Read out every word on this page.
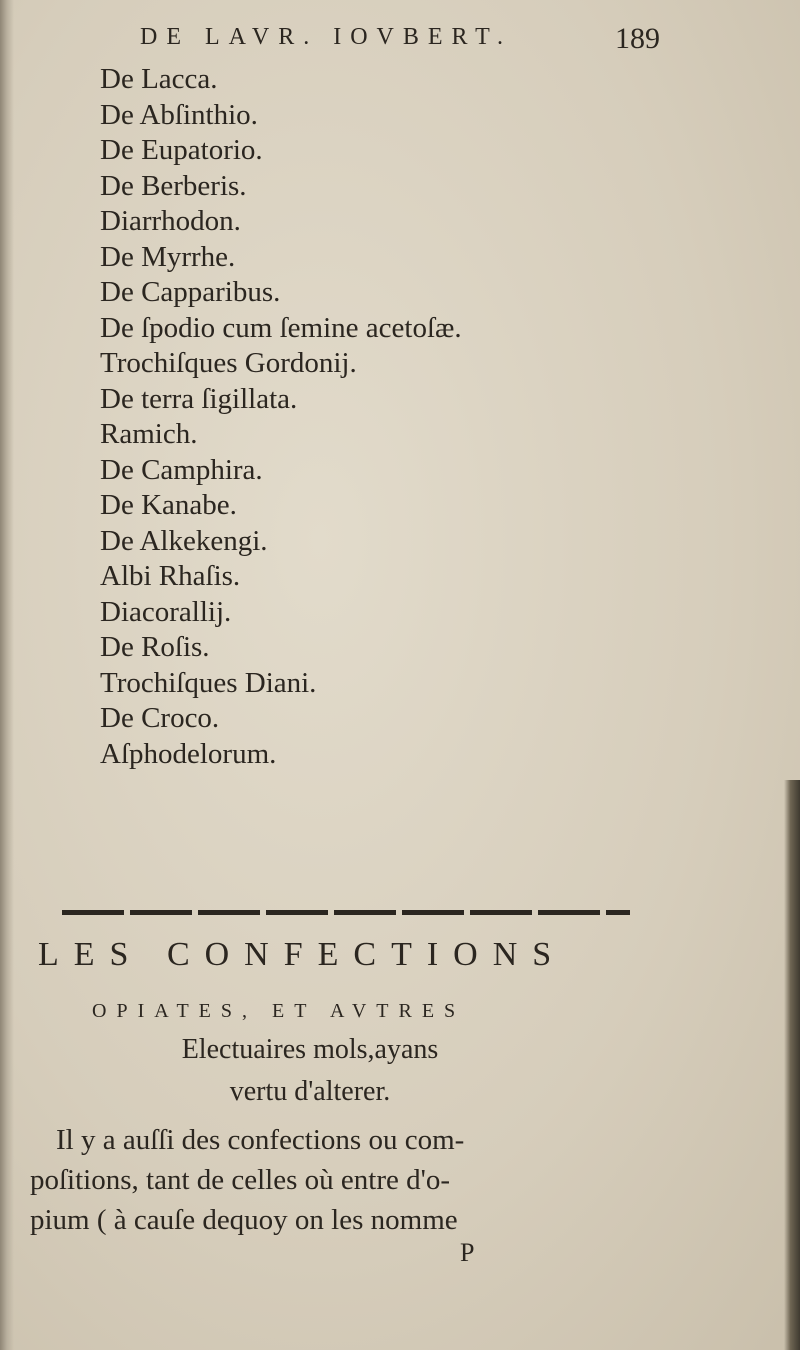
DE LAVR. IOVBERT.	189
De Lacca.
De Abſinthio.
De Eupatorio.
De Berberis.
Diarrhodon.
De Myrrhe.
De Capparibus.
De ſpodio cum ſemine acetoſæ.
Trochiſques Gordonij.
De terra ſigillata.
Ramich.
De Camphira.
De Kanabe.
De Alkekengi.
Albi Rhaſis.
Diacorallij.
De Roſis.
Trochiſques Diani.
De Croco.
Aſphodelorum.
LES CONFECTIONS
OPIATES, ET AVTRES
Electuaires mols,ayans
vertu d'alterer.
Il y a auſſi des confections ou com-
poſitions, tant de celles où entre d'o-
pium ( à cauſe dequoy on les nomme
P
